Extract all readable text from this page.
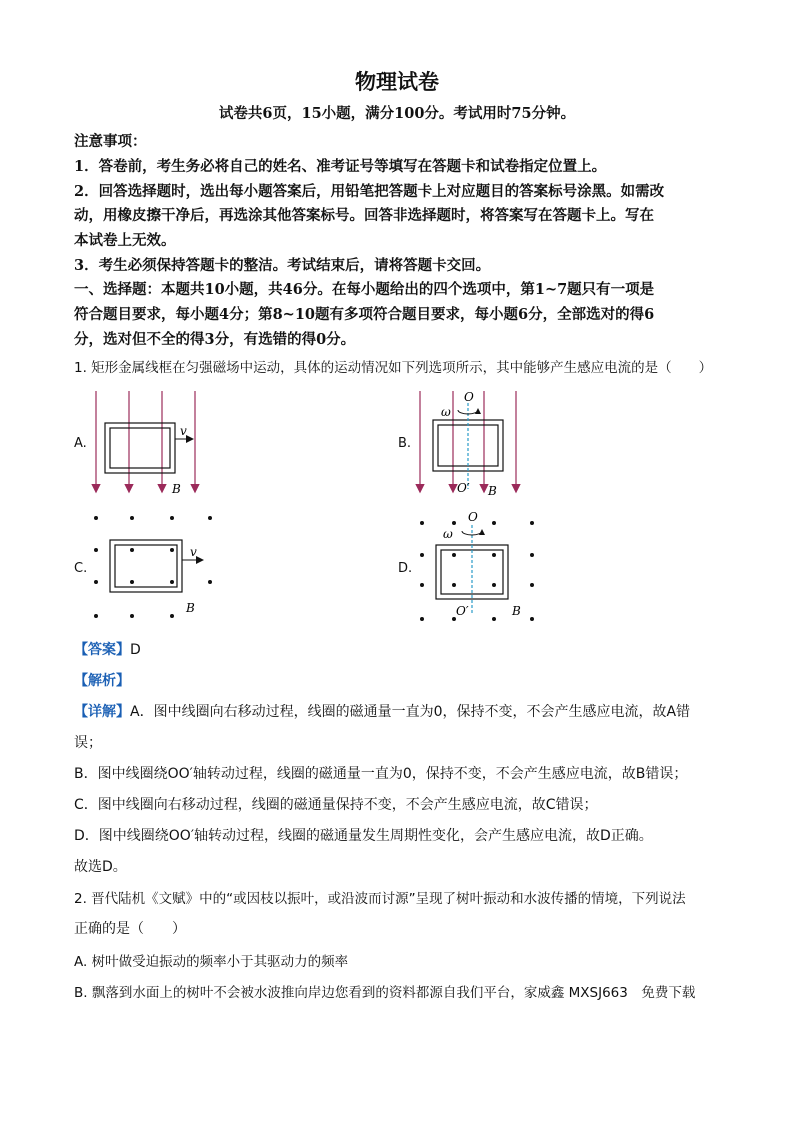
物理试卷
试卷共6页，15小题，满分100分。考试用时75分钟。
注意事项：
1．答卷前，考生务必将自己的姓名、准考证号等填写在答题卡和试卷指定位置上。
2．回答选择题时，选出每小题答案后，用铅笔把答题卡上对应题目的答案标号涂黑。如需改
动，用橡皮擦干净后，再选涂其他答案标号。回答非选择题时，将答案写在答题卡上。写在
本试卷上无效。
3．考生必须保持答题卡的整洁。考试结束后，请将答题卡交回。
一、选择题：本题共10小题，共46分。在每小题给出的四个选项中，第1~7题只有一项是
符合题目要求，每小题4分；第8~10题有多项符合题目要求，每小题6分，全部选对的得6
分，选对但不全的得3分，有选错的得0分。
1. 矩形金属线框在匀强磁场中运动，具体的运动情况如下列选项所示，其中能够产生感应电流的是（　　）
A.	B.
C.	D.
v
B
O
ω
O′ B
v
B
O
ω
O′	B
【答案】D
【解析】
【详解】A．图中线圈向右移动过程，线圈的磁通量一直为0，保持不变，不会产生感应电流，故A错
误；
B．图中线圈绕OO′轴转动过程，线圈的磁通量一直为0，保持不变，不会产生感应电流，故B错误；
C．图中线圈向右移动过程，线圈的磁通量保持不变，不会产生感应电流，故C错误；
D．图中线圈绕OO′轴转动过程，线圈的磁通量发生周期性变化，会产生感应电流，故D正确。
故选D。
2. 晋代陆机《文赋》中的“或因枝以振叶，或沿波而讨源”呈现了树叶振动和水波传播的情境，下列说法
正确的是（　　）
A. 树叶做受迫振动的频率小于其驱动力的频率
B. 飘落到水面上的树叶不会被水波推向岸边您看到的资料都源自我们平台，家威鑫 MXSJ663　免费下载
